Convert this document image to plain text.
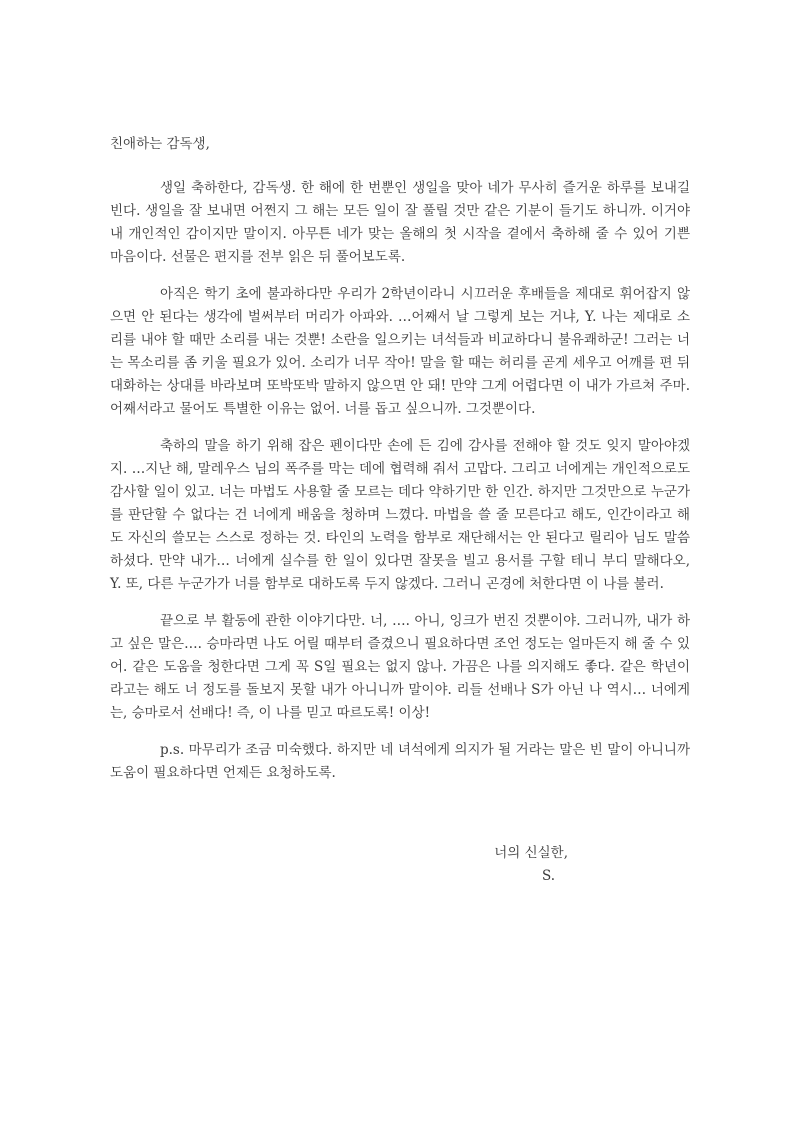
친애하는 감독생,

생일 축하한다, 감독생. 한 해에 한 번뿐인 생일을 맞아 네가 무사히 즐거운 하루를 보내길 빈다. 생일을 잘 보내면 어쩐지 그 해는 모든 일이 잘 풀릴 것만 같은 기분이 들기도 하니까. 이거야 내 개인적인 감이지만 말이지. 아무튼 네가 맞는 올해의 첫 시작을 곁에서 축하해 줄 수 있어 기쁜 마음이다. 선물은 편지를 전부 읽은 뒤 풀어보도록.

아직은 학기 초에 불과하다만 우리가 2학년이라니 시끄러운 후배들을 제대로 휘어잡지 않으면 안 된다는 생각에 벌써부터 머리가 아파와. …어째서 날 그렇게 보는 거냐, Y. 나는 제대로 소리를 내야 할 때만 소리를 내는 것뿐! 소란을 일으키는 녀석들과 비교하다니 불유쾌하군! 그러는 너는 목소리를 좀 키울 필요가 있어. 소리가 너무 작아! 말을 할 때는 허리를 곧게 세우고 어깨를 편 뒤 대화하는 상대를 바라보며 또박또박 말하지 않으면 안 돼! 만약 그게 어렵다면 이 내가 가르쳐 주마. 어째서라고 물어도 특별한 이유는 없어. 너를 돕고 싶으니까. 그것뿐이다.

축하의 말을 하기 위해 잡은 펜이다만 손에 든 김에 감사를 전해야 할 것도 잊지 말아야겠지. …지난 해, 말레우스 님의 폭주를 막는 데에 협력해 줘서 고맙다. 그리고 너에게는 개인적으로도 감사할 일이 있고. 너는 마법도 사용할 줄 모르는 데다 약하기만 한 인간. 하지만 그것만으로 누군가를 판단할 수 없다는 건 너에게 배움을 청하며 느꼈다. 마법을 쓸 줄 모른다고 해도, 인간이라고 해도 자신의 쓸모는 스스로 정하는 것. 타인의 노력을 함부로 재단해서는 안 된다고 릴리아 님도 말씀하셨다. 만약 내가… 너에게 실수를 한 일이 있다면 잘못을 빌고 용서를 구할 테니 부디 말해다오, Y. 또, 다른 누군가가 너를 함부로 대하도록 두지 않겠다. 그러니 곤경에 처한다면 이 나를 불러.

끝으로 부 활동에 관한 이야기다만. 너, …. 아니, 잉크가 번진 것뿐이야. 그러니까, 내가 하고 싶은 말은…. 승마라면 나도 어릴 때부터 즐겼으니 필요하다면 조언 정도는 얼마든지 해 줄 수 있어. 같은 도움을 청한다면 그게 꼭 S일 필요는 없지 않나. 가끔은 나를 의지해도 좋다. 같은 학년이라고는 해도 너 정도를 돌보지 못할 내가 아니니까 말이야. 리들 선배나 S가 아닌 나 역시… 너에게는, 승마로서 선배다! 즉, 이 나를 믿고 따르도록! 이상!

p.s. 마무리가 조금 미숙했다. 하지만 네 녀석에게 의지가 될 거라는 말은 빈 말이 아니니까 도움이 필요하다면 언제든 요청하도록.

너의 신실한,

S.
